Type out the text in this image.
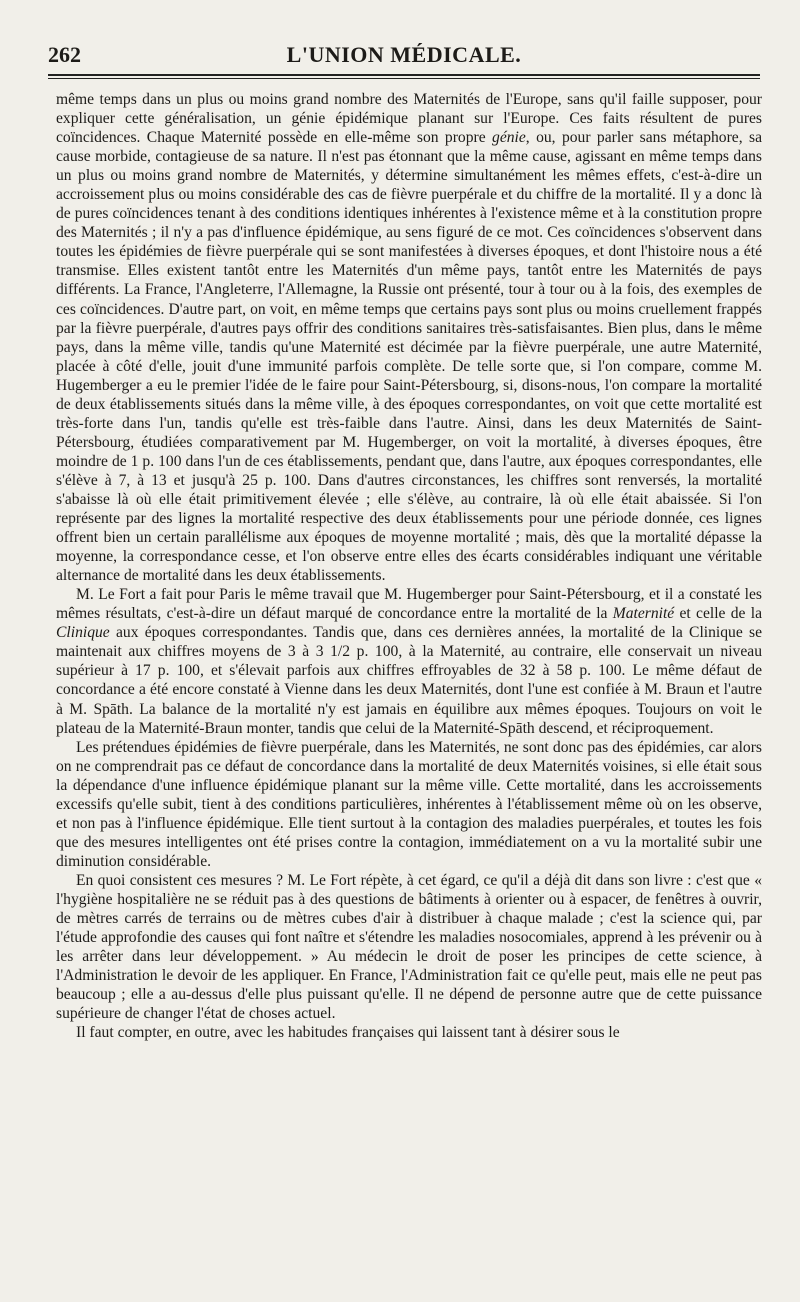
262	L'UNION MÉDICALE.

même temps dans un plus ou moins grand nombre des Maternités de l'Europe, sans qu'il faille supposer, pour expliquer cette généralisation, un génie épidémique planant sur l'Europe. Ces faits résultent de pures coïncidences. Chaque Maternité possède en elle-même son propre génie, ou, pour parler sans métaphore, sa cause morbide, contagieuse de sa nature. Il n'est pas étonnant que la même cause, agissant en même temps dans un plus ou moins grand nombre de Maternités, y détermine simultanément les mêmes effets, c'est-à-dire un accroissement plus ou moins considérable des cas de fièvre puerpérale et du chiffre de la mortalité. Il y a donc là de pures coïncidences tenant à des conditions identiques inhérentes à l'existence même et à la constitution propre des Maternités ; il n'y a pas d'influence épidémique, au sens figuré de ce mot. Ces coïncidences s'observent dans toutes les épidémies de fièvre puerpérale qui se sont manifestées à diverses époques, et dont l'histoire nous a été transmise. Elles existent tantôt entre les Maternités d'un même pays, tantôt entre les Maternités de pays différents. La France, l'Angleterre, l'Allemagne, la Russie ont présenté, tour à tour ou à la fois, des exemples de ces coïncidences. D'autre part, on voit, en même temps que certains pays sont plus ou moins cruellement frappés par la fièvre puerpérale, d'autres pays offrir des conditions sanitaires très-satisfaisantes. Bien plus, dans le même pays, dans la même ville, tandis qu'une Maternité est décimée par la fièvre puerpérale, une autre Maternité, placée à côté d'elle, jouit d'une immunité parfois complète. De telle sorte que, si l'on compare, comme M. Hugemberger a eu le premier l'idée de le faire pour Saint-Pétersbourg, si, disons-nous, l'on compare la mortalité de deux établissements situés dans la même ville, à des époques correspondantes, on voit que cette mortalité est très-forte dans l'un, tandis qu'elle est très-faible dans l'autre. Ainsi, dans les deux Maternités de Saint-Pétersbourg, étudiées comparativement par M. Hugemberger, on voit la mortalité, à diverses époques, être moindre de 1 p. 100 dans l'un de ces établissements, pendant que, dans l'autre, aux époques correspondantes, elle s'élève à 7, à 13 et jusqu'à 25 p. 100. Dans d'autres circonstances, les chiffres sont renversés, la mortalité s'abaisse là où elle était primitivement élevée ; elle s'élève, au contraire, là où elle était abaissée. Si l'on représente par des lignes la mortalité respective des deux établissements pour une période donnée, ces lignes offrent bien un certain parallélisme aux époques de moyenne mortalité ; mais, dès que la mortalité dépasse la moyenne, la correspondance cesse, et l'on observe entre elles des écarts considérables indiquant une véritable alternance de mortalité dans les deux établissements.

M. Le Fort a fait pour Paris le même travail que M. Hugemberger pour Saint-Pétersbourg, et il a constaté les mêmes résultats, c'est-à-dire un défaut marqué de concordance entre la mortalité de la Maternité et celle de la Clinique aux époques correspondantes. Tandis que, dans ces dernières années, la mortalité de la Clinique se maintenait aux chiffres moyens de 3 à 3 1/2 p. 100, à la Maternité, au contraire, elle conservait un niveau supérieur à 17 p. 100, et s'élevait parfois aux chiffres effroyables de 32 à 58 p. 100. Le même défaut de concordance a été encore constaté à Vienne dans les deux Maternités, dont l'une est confiée à M. Braun et l'autre à M. Spāth. La balance de la mortalité n'y est jamais en équilibre aux mêmes époques. Toujours on voit le plateau de la Maternité-Braun monter, tandis que celui de la Maternité-Spāth descend, et réciproquement.

Les prétendues épidémies de fièvre puerpérale, dans les Maternités, ne sont donc pas des épidémies, car alors on ne comprendrait pas ce défaut de concordance dans la mortalité de deux Maternités voisines, si elle était sous la dépendance d'une influence épidémique planant sur la même ville. Cette mortalité, dans les accroissements excessifs qu'elle subit, tient à des conditions particulières, inhérentes à l'établissement même où on les observe, et non pas à l'influence épidémique. Elle tient surtout à la contagion des maladies puerpérales, et toutes les fois que des mesures intelligentes ont été prises contre la contagion, immédiatement on a vu la mortalité subir une diminution considérable.

En quoi consistent ces mesures ? M. Le Fort répète, à cet égard, ce qu'il a déjà dit dans son livre : c'est que « l'hygiène hospitalière ne se réduit pas à des questions de bâtiments à orienter ou à espacer, de fenêtres à ouvrir, de mètres carrés de terrains ou de mètres cubes d'air à distribuer à chaque malade ; c'est la science qui, par l'étude approfondie des causes qui font naître et s'étendre les maladies nosocomiales, apprend à les prévenir ou à les arrêter dans leur développement. » Au médecin le droit de poser les principes de cette science, à l'Administration le devoir de les appliquer. En France, l'Administration fait ce qu'elle peut, mais elle ne peut pas beaucoup ; elle a au-dessus d'elle plus puissant qu'elle. Il ne dépend de personne autre que de cette puissance supérieure de changer l'état de choses actuel.

Il faut compter, en outre, avec les habitudes françaises qui laissent tant à désirer sous le
